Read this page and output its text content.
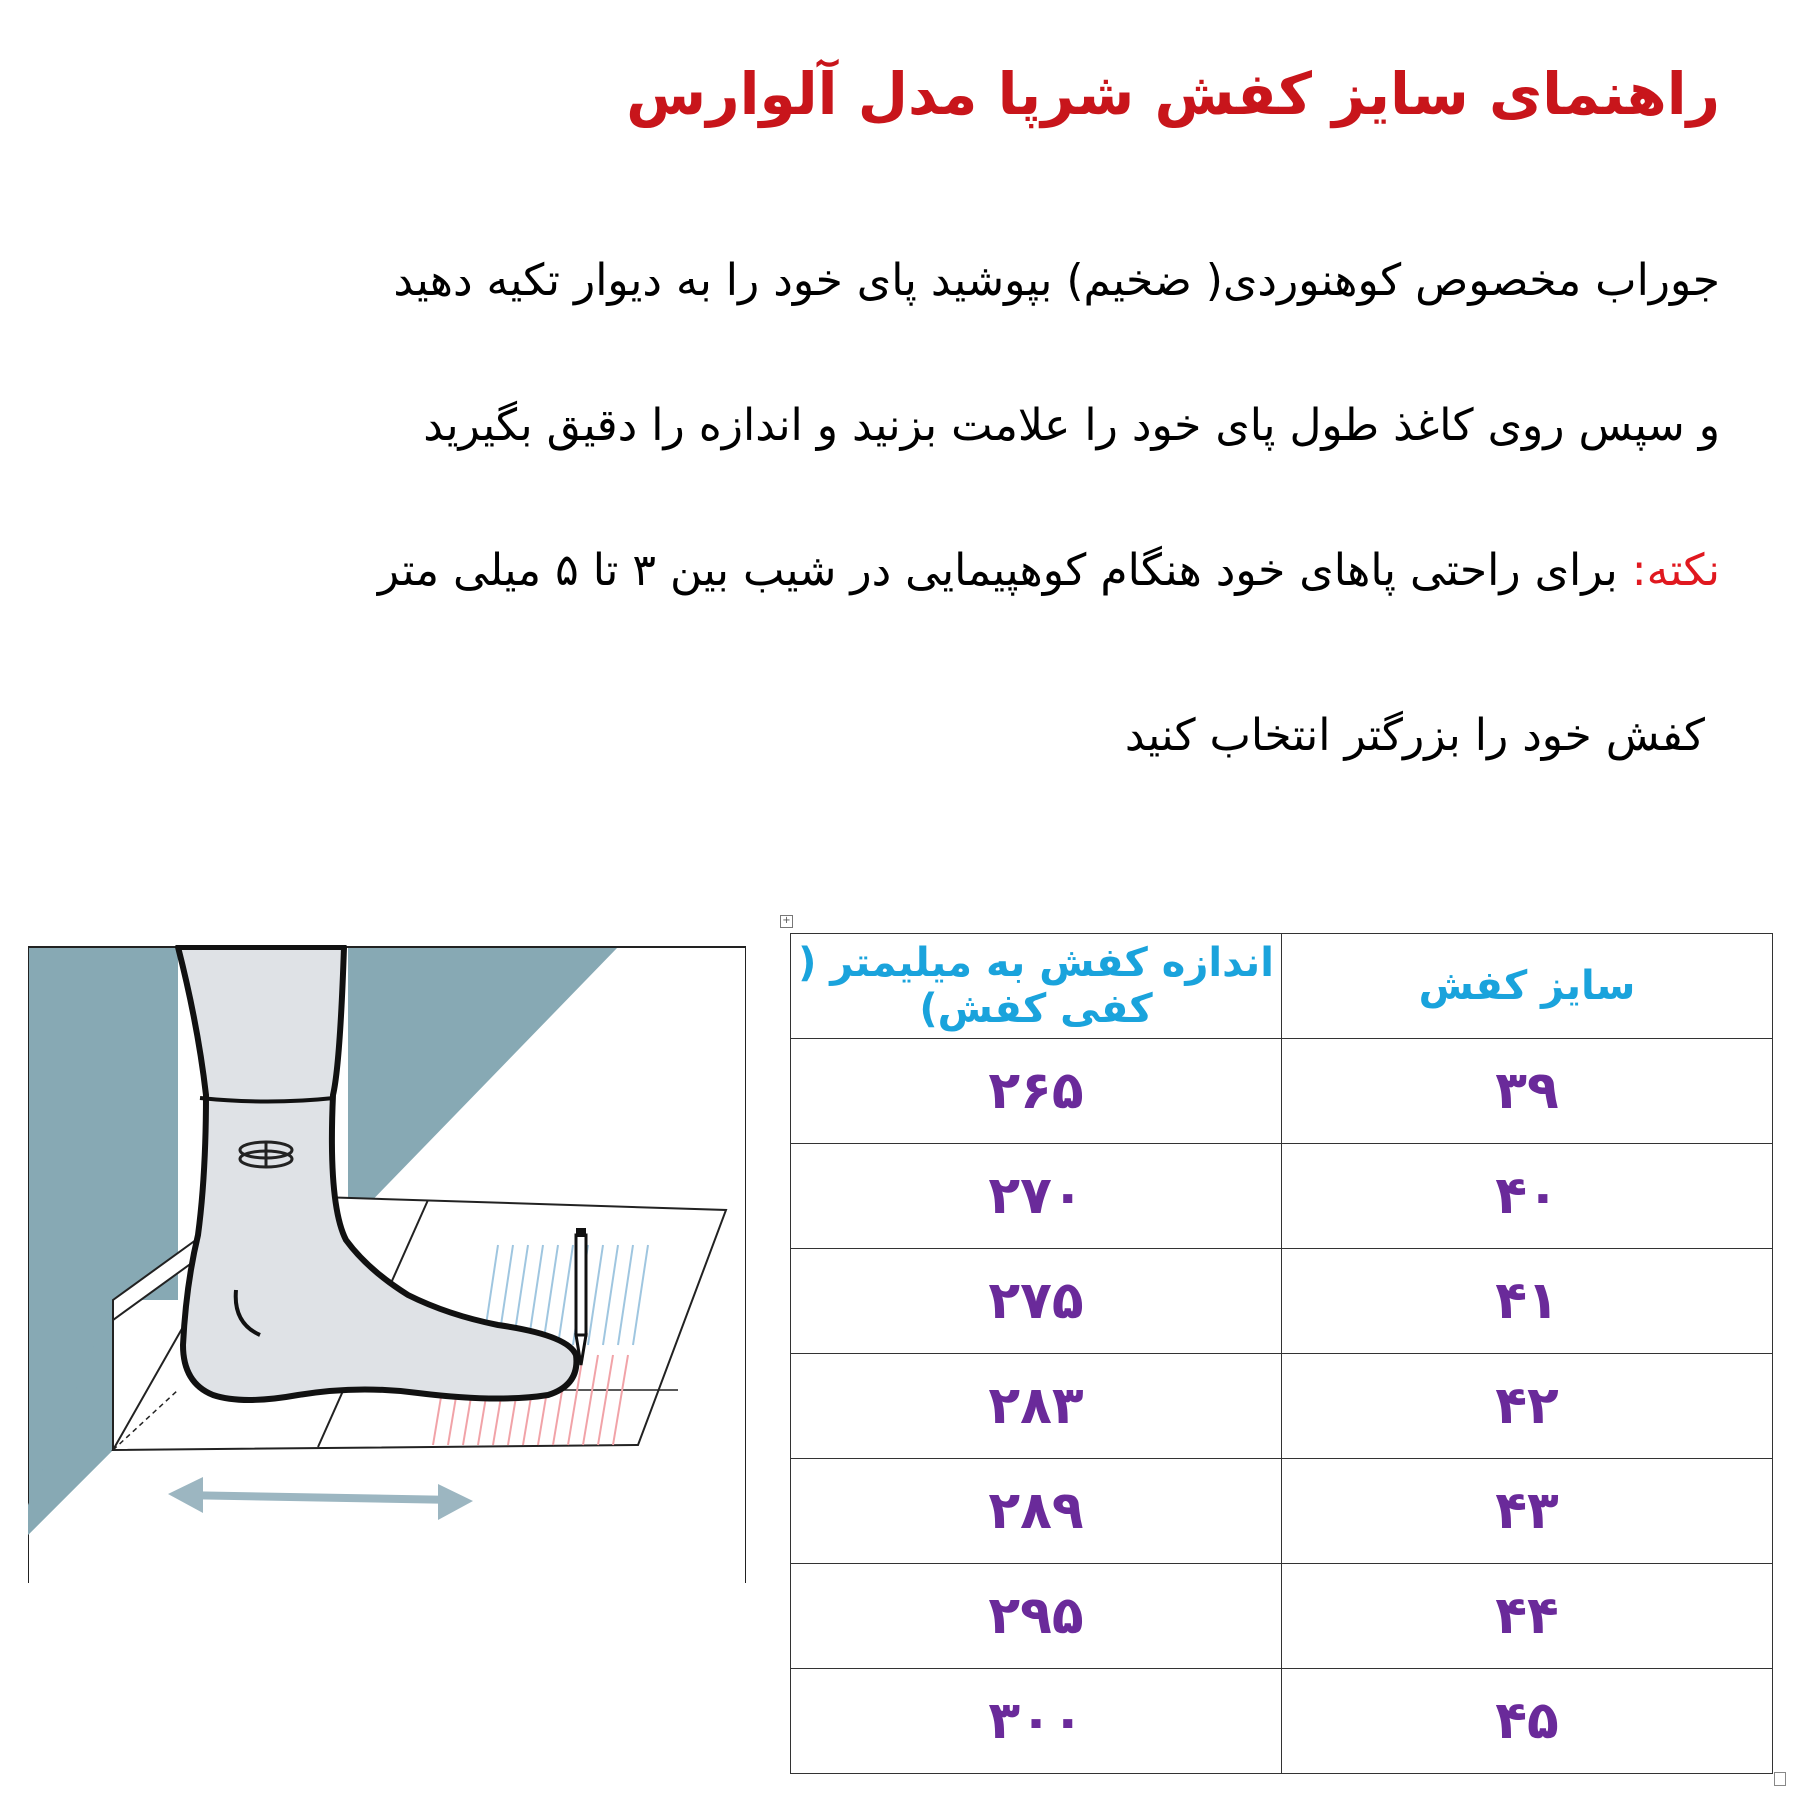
راهنمای سایز کفش شرپا مدل آلوارس
جوراب مخصوص کوهنوردی( ضخیم) بپوشید پای خود را به دیوار تکیه دهید
و سپس روی کاغذ طول پای خود را علامت بزنید و اندازه را دقیق بگیرید
نکته: برای راحتی پاهای خود هنگام کوهپیمایی در شیب بین ۳ تا ۵ میلی متر
کفش خود را بزرگتر انتخاب کنید
+
سایز کفش	اندازه کفش به میلیمتر ( کفی کفش)
۳۹	۲۶۵
۴۰	۲۷۰
۴۱	۲۷۵
۴۲	۲۸۳
۴۳	۲۸۹
۴۴	۲۹۵
۴۵	۳۰۰
